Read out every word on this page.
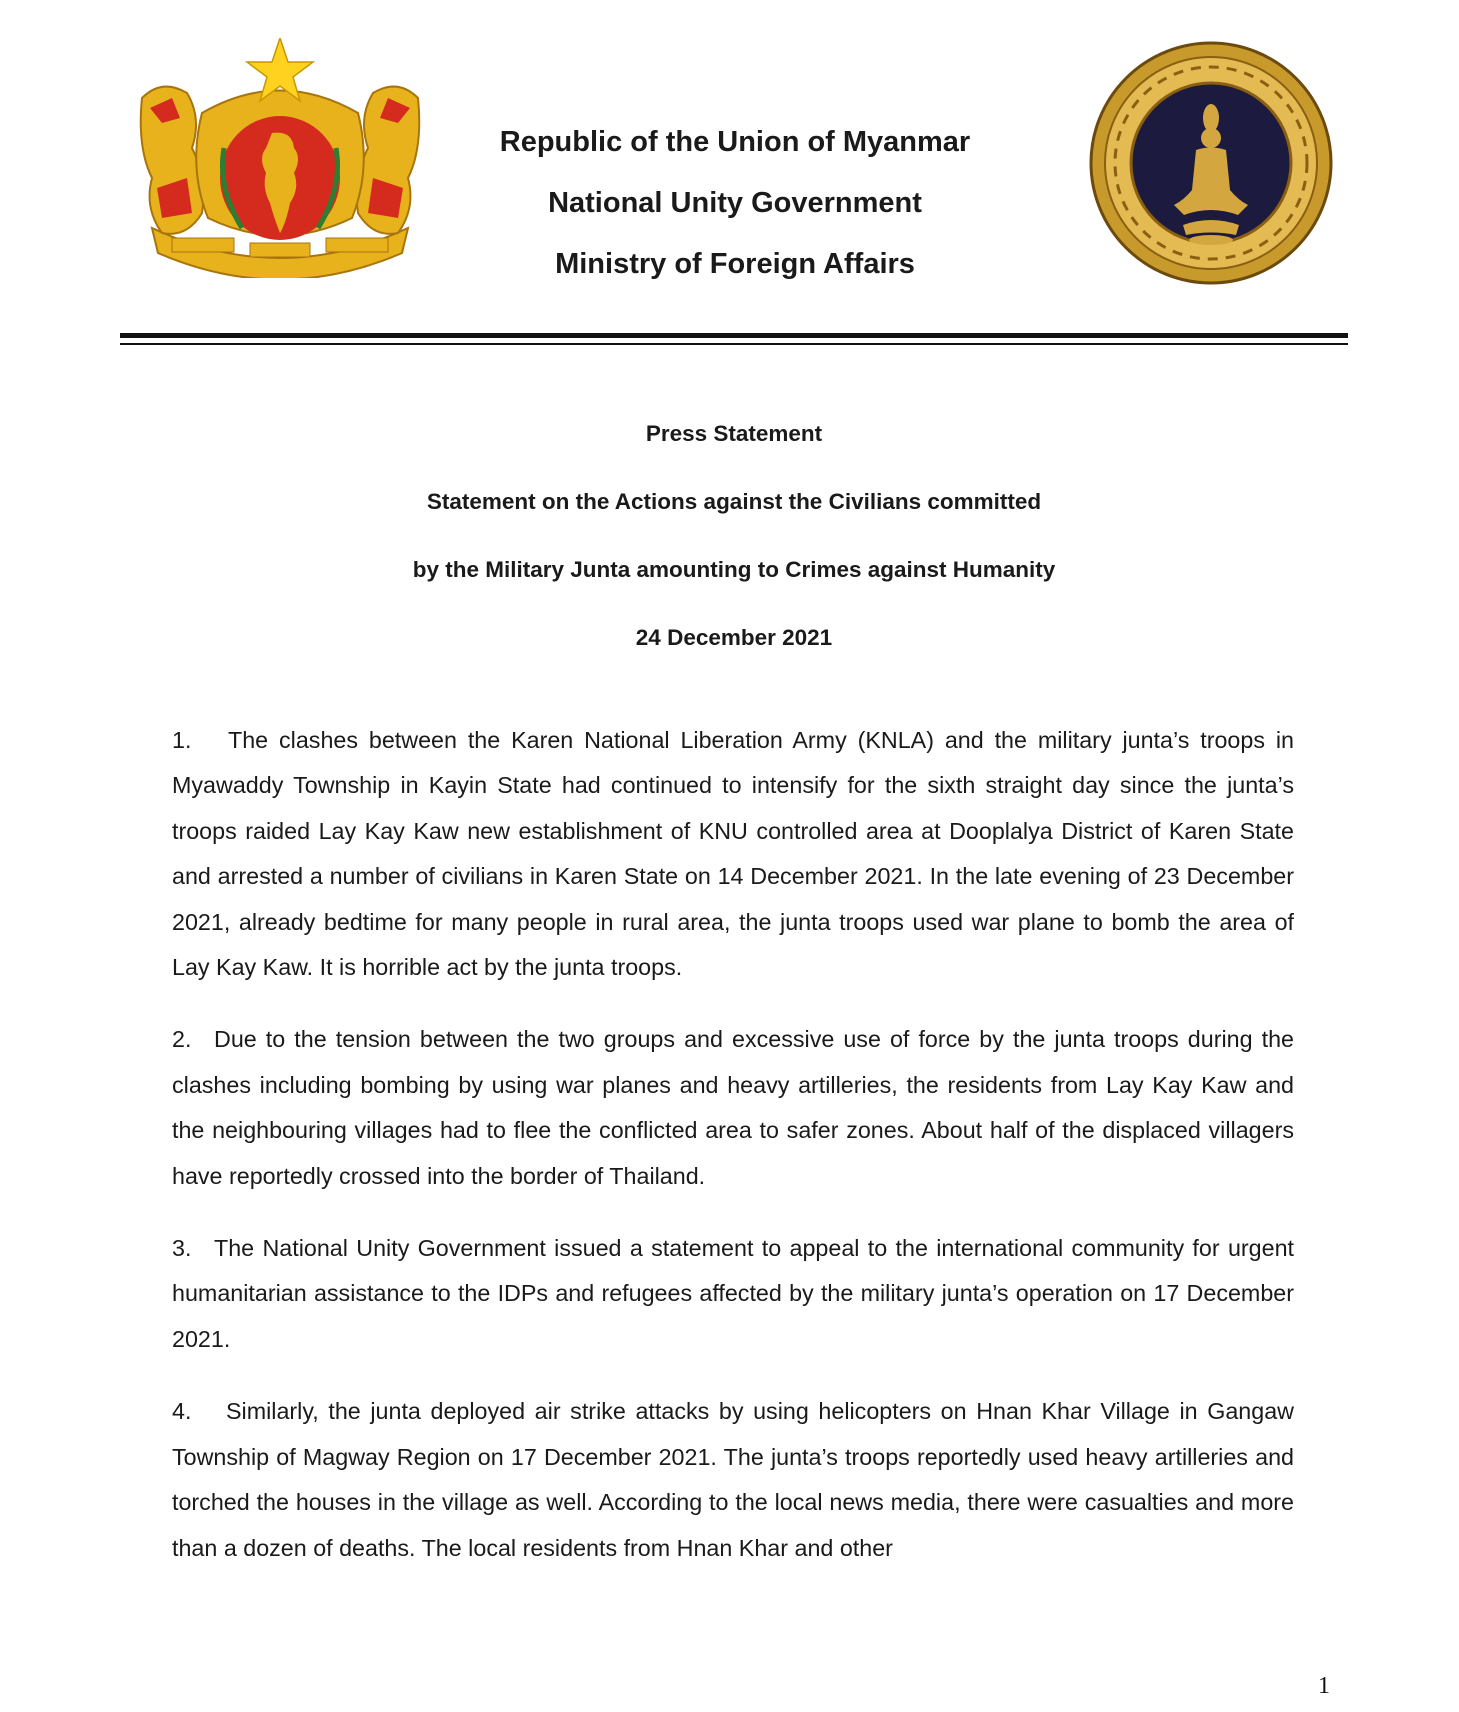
Republic of the Union of Myanmar
National Unity Government
Ministry of Foreign Affairs
Press Statement
Statement on the Actions against the Civilians committed
by the Military Junta amounting to Crimes against Humanity
24 December 2021

1. The clashes between the Karen National Liberation Army (KNLA) and the military junta’s troops in Myawaddy Township in Kayin State had continued to intensify for the sixth straight day since the junta’s troops raided Lay Kay Kaw new establishment of KNU controlled area at Dooplalya District of Karen State and arrested a number of civilians in Karen State on 14 December 2021. In the late evening of 23 December 2021, already bedtime for many people in rural area, the junta troops used war plane to bomb the area of Lay Kay Kaw. It is horrible act by the junta troops.

2. Due to the tension between the two groups and excessive use of force by the junta troops during the clashes including bombing by using war planes and heavy artilleries, the residents from Lay Kay Kaw and the neighbouring villages had to flee the conflicted area to safer zones. About half of the displaced villagers have reportedly crossed into the border of Thailand.

3. The National Unity Government issued a statement to appeal to the international community for urgent humanitarian assistance to the IDPs and refugees affected by the military junta’s operation on 17 December 2021.

4. Similarly, the junta deployed air strike attacks by using helicopters on Hnan Khar Village in Gangaw Township of Magway Region on 17 December 2021. The junta’s troops reportedly used heavy artilleries and torched the houses in the village as well. According to the local news media, there were casualties and more than a dozen of deaths. The local residents from Hnan Khar and other

1
